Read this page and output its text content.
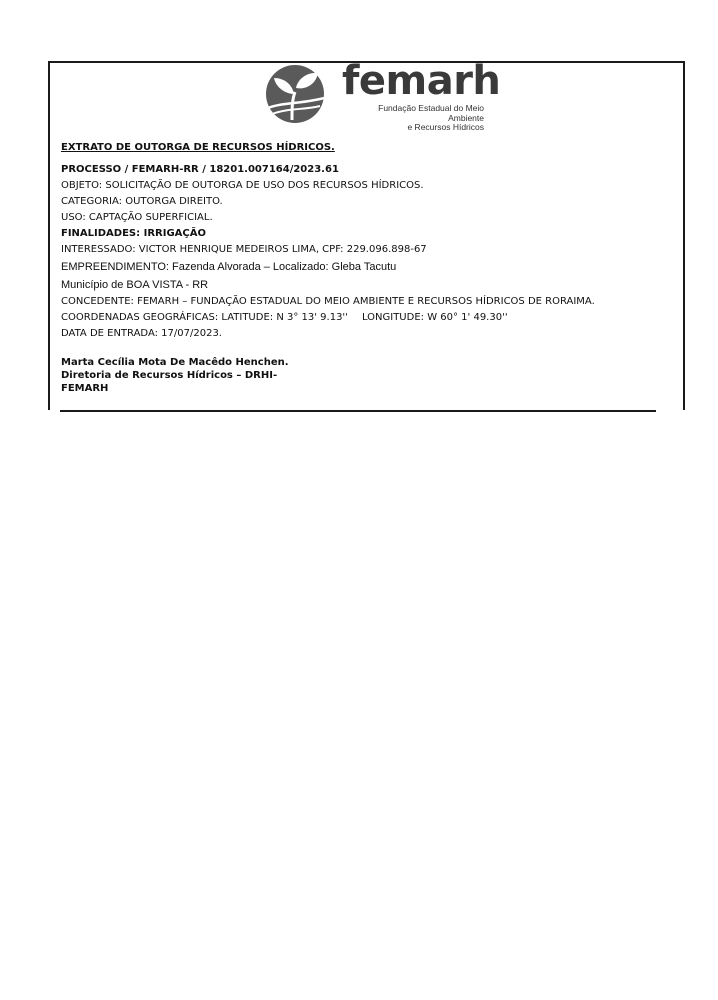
femarh
Fundação Estadual do Meio Ambiente
e Recursos Hídricos
EXTRATO DE OUTORGA DE RECURSOS HÍDRICOS.
PROCESSO / FEMARH-RR / 18201.007164/2023.61
OBJETO: SOLICITAÇÃO DE OUTORGA DE USO DOS RECURSOS HÍDRICOS.
CATEGORIA: OUTORGA DIREITO.
USO: CAPTAÇÃO SUPERFICIAL.
FINALIDADES: IRRIGAÇÃO
INTERESSADO: VICTOR HENRIQUE MEDEIROS LIMA, CPF: 229.096.898-67
EMPREENDIMENTO: Fazenda Alvorada – Localizado: Gleba Tacutu
Município de BOA VISTA - RR
CONCEDENTE: FEMARH – FUNDAÇÃO ESTADUAL DO MEIO AMBIENTE E RECURSOS HÍDRICOS DE RORAIMA.
COORDENADAS GEOGRÁFICAS: LATITUDE: N 3° 13' 9.13'' LONGITUDE: W 60° 1' 49.30''
DATA DE ENTRADA: 17/07/2023.
Marta Cecília Mota De Macêdo Henchen.
Diretoria de Recursos Hídricos – DRHI-
FEMARH
